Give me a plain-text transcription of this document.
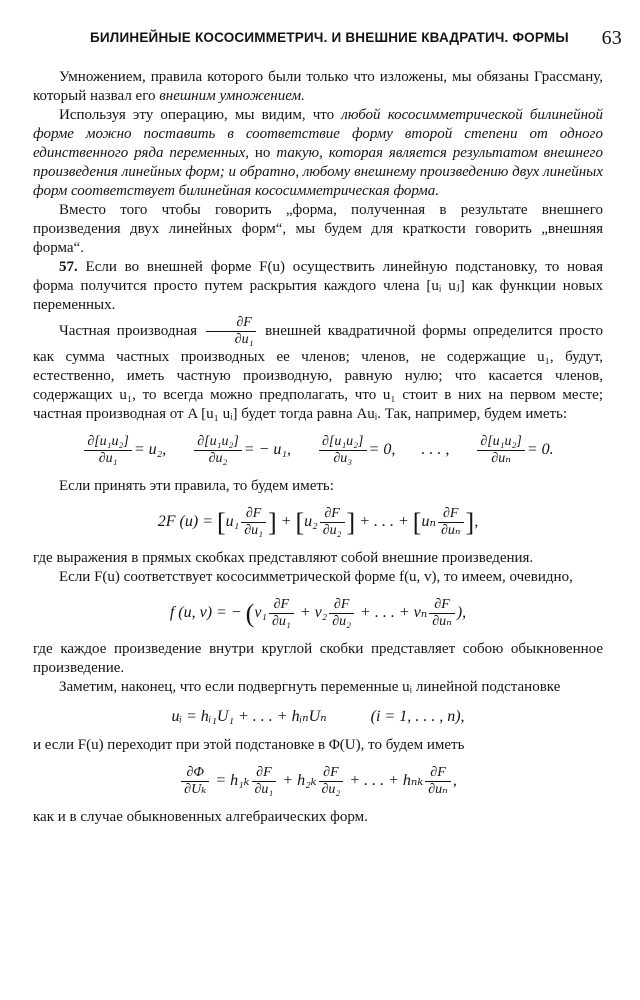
БИЛИНЕЙНЫЕ КОСОСИММЕТРИЧ. И ВНЕШНИЕ КВАДРАТИЧ. ФОРМЫ 63

Умножением, правила которого были только что изложены, мы обязаны Грассману, который назвал его внешним умножением.

Используя эту операцию, мы видим, что любой кососимметрической билинейной форме можно поставить в соответствие форму второй степени от одного единственного ряда переменных, но такую, которая является результатом внешнего произведения линейных форм; и обратно, любому внешнему произведению двух линейных форм соответствует билинейная кососимметрическая форма.

Вместо того чтобы говорить „форма, полученная в результате внешнего произведения двух линейных форм“, мы будем для краткости говорить „внешняя форма“.

57. Если во внешней форме F(u) осуществить линейную подстановку, то новая форма получится просто путем раскрытия каждого члена [uᵢ uⱼ] как функции новых переменных.

Частная производная $\frac{\partial F}{\text{∂u₁}}$ внешней квадратичной формы определится просто как сумма частных производных ее членов; членов, не содержащие u₁, будут, естественно, иметь частную производную, равную нулю; что касается членов, содержащих u₁, то всегда можно предполагать, что u₁ стоит в них на первом месте; частная производная от A [u₁ uᵢ] будет тогда равна Auᵢ. Так, например, будем иметь:

$\frac{\text{∂[u₁u₂]}}{\text{∂u₁}} = u_2$, $\frac{\text{∂[u₁u₂]}}{\text{∂u₂}}$ = − u₁, $\frac{\text{∂[u₁u₂]}}{\text{∂u₃}} = 0$, . . . , $\frac{\text{∂[u₁u₂]}}{\text{∂uₙ}} = 0$.

Если принять эти правила, то будем иметь:

2F $(u) = [u_1 \frac{\partial F}{\text{∂u₁}}$ ] + [$u_2 \frac{\partial F}{\text{∂u₂}}$ ] + . . . + [$u_n \frac{\partial F}{\text{∂uₙ}}$ ],

где выражения в прямых скобках представляют собой внешние произведения.

Если F(u) соответствует кососимметрической форме f(u, v), то имеем, очевидно,

f (u, v) = − ($v_1 \frac{\partial F}{\text{∂u₁}} + v_2 \frac{\partial F}{\text{∂u₂}}$ + . . . + vₙ $\frac{\partial F}{\text{∂uₙ}}$ ),

где каждое произведение внутри круглой скобки представляет собою обыкновенное произведение.

Заметим, наконец, что если подвергнуть переменные uᵢ линейной подстановке

uᵢ = hᵢ₁U₁ + . . . + hᵢₙUₙ	(i = 1, . . . , n),

и если F(u) переходит при этой подстановке в Φ(U), то будем иметь

$\frac{\partial\Phi}{\text{∂Uₖ}} = h_{1k} \frac{\partial F}{\text{∂u₁}} + h_{2k} \frac{\partial F}{\text{∂u₂}}$ + . . . + hₙₖ $\frac{\partial F}{\text{∂uₙ}}$ ,

как и в случае обыкновенных алгебраических форм.
